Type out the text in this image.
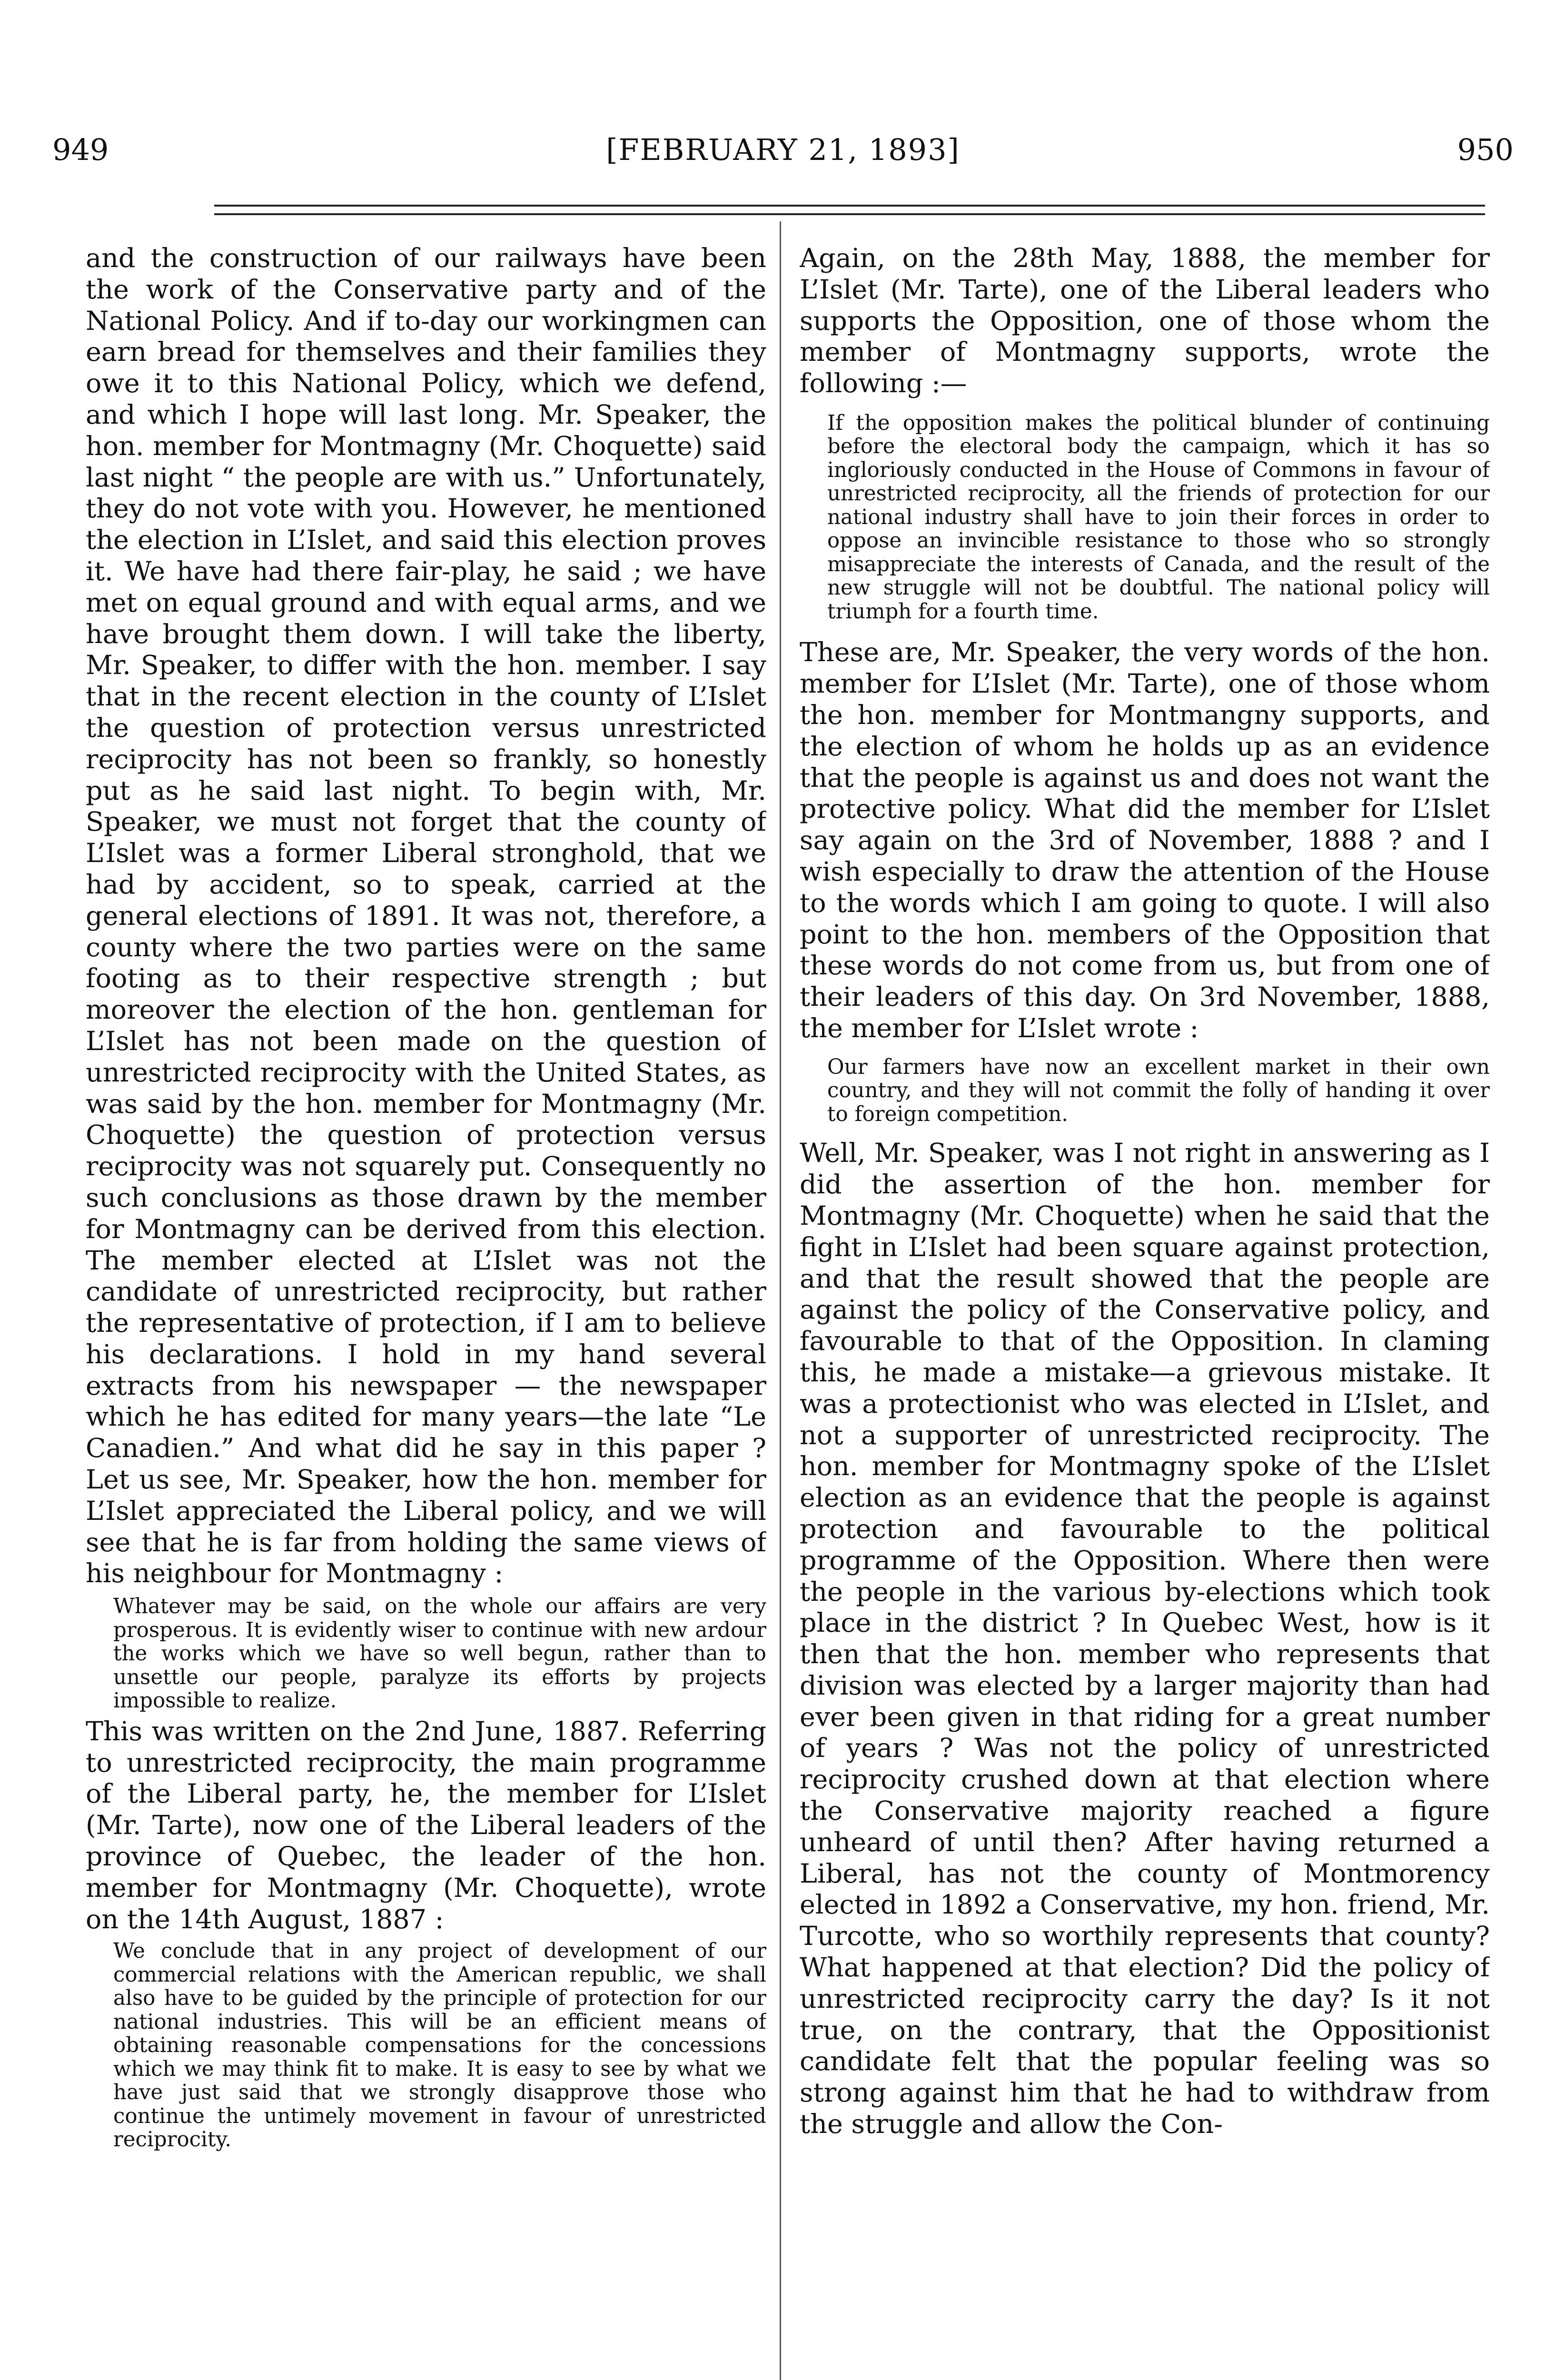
949	[FEBRUARY 21, 1893]	950

and the construction of our railways have been the work of the Conservative party and of the National Policy. And if to-day our workingmen can earn bread for themselves and their families they owe it to this National Policy, which we defend, and which I hope will last long. Mr. Speaker, the hon. member for Montmagny (Mr. Choquette) said last night “ the people are with us.” Unfortunately, they do not vote with you. However, he mentioned the election in L’Islet, and said this election proves it. We have had there fair-play, he said ; we have met on equal ground and with equal arms, and we have brought them down. I will take the liberty, Mr. Speaker, to differ with the hon. member. I say that in the recent election in the county of L’Islet the question of protection versus unrestricted reciprocity has not been so frankly, so honestly put as he said last night. To begin with, Mr. Speaker, we must not forget that the county of L’Islet was a former Liberal stronghold, that we had by accident, so to speak, carried at the general elections of 1891. It was not, therefore, a county where the two parties were on the same footing as to their respective strength ; but moreover the election of the hon. gentleman for L’Islet has not been made on the question of unrestricted reciprocity with the United States, as was said by the hon. member for Montmagny (Mr. Choquette) the question of protection versus reciprocity was not squarely put. Consequently no such conclusions as those drawn by the member for Montmagny can be derived from this election. The member elected at L’Islet was not the candidate of unrestricted reciprocity, but rather the representative of protection, if I am to believe his declarations. I hold in my hand several extracts from his newspaper — the newspaper which he has edited for many years—the late “Le Canadien.” And what did he say in this paper ? Let us see, Mr. Speaker, how the hon. member for L’Islet appreciated the Liberal policy, and we will see that he is far from holding the same views of his neighbour for Montmagny :

Whatever may be said, on the whole our affairs are very prosperous. It is evidently wiser to continue with new ardour the works which we have so well begun, rather than to unsettle our people, paralyze its efforts by projects impossible to realize.

This was written on the 2nd June, 1887. Referring to unrestricted reciprocity, the main programme of the Liberal party, he, the member for L’Islet (Mr. Tarte), now one of the Liberal leaders of the province of Quebec, the leader of the hon. member for Montmagny (Mr. Choquette), wrote on the 14th August, 1887 :

We conclude that in any project of development of our commercial relations with the American republic, we shall also have to be guided by the principle of protection for our national industries. This will be an efficient means of obtaining reasonable compensations for the concessions which we may think fit to make. It is easy to see by what we have just said that we strongly disapprove those who continue the untimely movement in favour of unrestricted reciprocity.

Again, on the 28th May, 1888, the member for L’Islet (Mr. Tarte), one of the Liberal leaders who supports the Opposition, one of those whom the member of Montmagny supports, wrote the following :—

If the opposition makes the political blunder of continuing before the electoral body the campaign, which it has so ingloriously conducted in the House of Commons in favour of unrestricted reciprocity, all the friends of protection for our national industry shall have to join their forces in order to oppose an invincible resistance to those who so strongly misappreciate the interests of Canada, and the result of the new struggle will not be doubtful. The national policy will triumph for a fourth time.

These are, Mr. Speaker, the very words of the hon. member for L’Islet (Mr. Tarte), one of those whom the hon. member for Montmangny supports, and the election of whom he holds up as an evidence that the people is against us and does not want the protective policy. What did the member for L’Islet say again on the 3rd of November, 1888 ? and I wish especially to draw the attention of the House to the words which I am going to quote. I will also point to the hon. members of the Opposition that these words do not come from us, but from one of their leaders of this day. On 3rd November, 1888, the member for L’Islet wrote :

Our farmers have now an excellent market in their own country, and they will not commit the folly of handing it over to foreign competition.

Well, Mr. Speaker, was I not right in answering as I did the assertion of the hon. member for Montmagny (Mr. Choquette) when he said that the fight in L’Islet had been square against protection, and that the result showed that the people are against the policy of the Conservative policy, and favourable to that of the Opposition. In claming this, he made a mistake—a grievous mistake. It was a protectionist who was elected in L’Islet, and not a supporter of unrestricted reciprocity. The hon. member for Montmagny spoke of the L’Islet election as an evidence that the people is against protection and favourable to the political programme of the Opposition. Where then were the people in the various by-elections which took place in the district ? In Quebec West, how is it then that the hon. member who represents that division was elected by a larger majority than had ever been given in that riding for a great number of years ? Was not the policy of unrestricted reciprocity crushed down at that election where the Conservative majority reached a figure unheard of until then? After having returned a Liberal, has not the county of Montmorency elected in 1892 a Conservative, my hon. friend, Mr. Turcotte, who so worthily represents that county? What happened at that election? Did the policy of unrestricted reciprocity carry the day? Is it not true, on the contrary, that the Oppositionist candidate felt that the popular feeling was so strong against him that he had to withdraw from the struggle and allow the Con-
